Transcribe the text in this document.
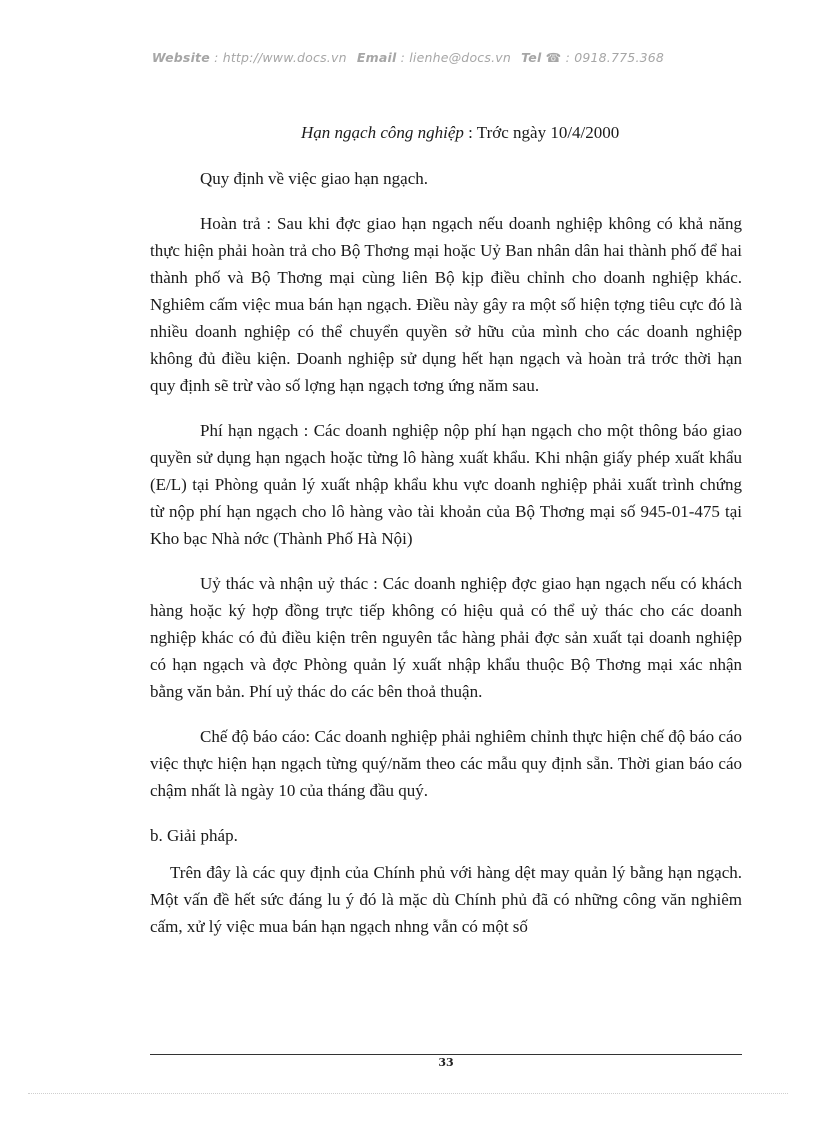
Website : http://www.docs.vn Email : lienhe@docs.vn Tel ☎ : 0918.775.368
Hạn ngạch công nghiệp : Trớc ngày 10/4/2000
Quy định về việc giao hạn ngạch.
Hoàn trả : Sau khi đợc giao hạn ngạch nếu doanh nghiệp không có khả năng thực hiện phải hoàn trả cho Bộ Thơng mại hoặc Uỷ Ban nhân dân hai thành phố để hai thành phố và Bộ Thơng mại cùng liên Bộ kịp điều chỉnh cho doanh nghiệp khác. Nghiêm cấm việc mua bán hạn ngạch. Điều này gây ra một số hiện tợng tiêu cực đó là nhiều doanh nghiệp có thể chuyển quyền sở hữu của mình cho các doanh nghiệp không đủ điều kiện. Doanh nghiệp sử dụng hết hạn ngạch và hoàn trả trớc thời hạn quy định sẽ trừ vào số lợng hạn ngạch tơng ứng năm sau.
Phí hạn ngạch : Các doanh nghiệp nộp phí hạn ngạch cho một thông báo giao quyền sử dụng hạn ngạch hoặc từng lô hàng xuất khẩu. Khi nhận giấy phép xuất khẩu (E/L) tại Phòng quản lý xuất nhập khẩu khu vực doanh nghiệp phải xuất trình chứng từ nộp phí hạn ngạch cho lô hàng vào tài khoản của Bộ Thơng mại số 945-01-475 tại Kho bạc Nhà nớc (Thành Phố Hà Nội)
Uỷ thác và nhận uỷ thác : Các doanh nghiệp đợc giao hạn ngạch nếu có khách hàng hoặc ký hợp đồng trực tiếp không có hiệu quả có thể uỷ thác cho các doanh nghiệp khác có đủ điều kiện trên nguyên tắc hàng phải đợc sản xuất tại doanh nghiệp có hạn ngạch và đợc Phòng quản lý xuất nhập khẩu thuộc Bộ Thơng mại xác nhận bằng văn bản. Phí uỷ thác do các bên thoả thuận.
Chế độ báo cáo: Các doanh nghiệp phải nghiêm chỉnh thực hiện chế độ báo cáo việc thực hiện hạn ngạch từng quý/năm theo các mẫu quy định sẵn. Thời gian báo cáo chậm nhất là ngày 10 của tháng đầu quý.
b. Giải pháp.
Trên đây là các quy định của Chính phủ với hàng dệt may quản lý bằng hạn ngạch. Một vấn đề hết sức đáng lu ý đó là mặc dù Chính phủ đã có những công văn nghiêm cấm, xử lý việc mua bán hạn ngạch nhng vẫn có một số
33
